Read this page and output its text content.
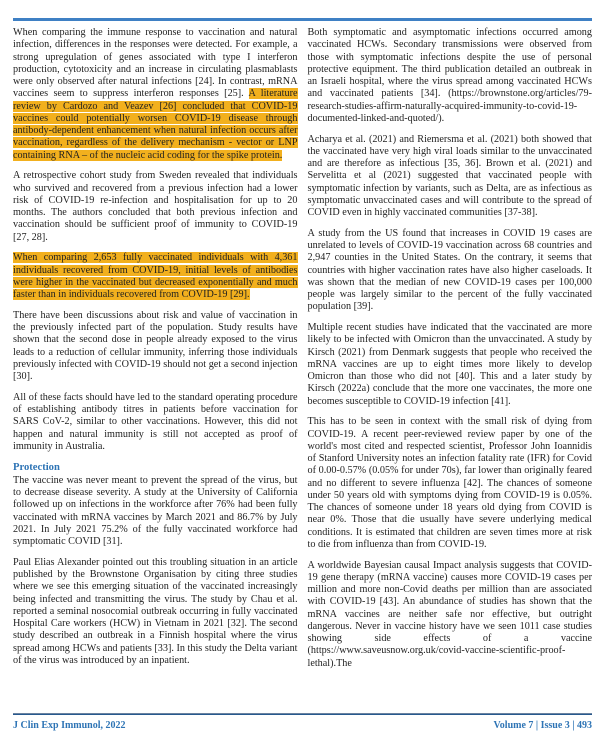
When comparing the immune response to vaccination and natural infection, differences in the responses were detected. For example, a strong upregulation of genes associated with type I interferon production, cytotoxicity and an increase in circulating plasmablasts were only observed after natural infections [24]. In contrast, mRNA vaccines seem to suppress interferon responses [25]. A literature review by Cardozo and Veazev [26] concluded that COVID-19 vaccines could potentially worsen COVID-19 disease through antibody-dependent enhancement when natural infection occurs after vaccination, regardless of the delivery mechanism - vector or LNP containing RNA – of the nucleic acid coding for the spike protein.

A retrospective cohort study from Sweden revealed that individuals who survived and recovered from a previous infection had a lower risk of COVID-19 re-infection and hospitalisation for up to 20 months. The authors concluded that both previous infection and vaccination should be sufficient proof of immunity to COVID-19 [27, 28].

When comparing 2,653 fully vaccinated individuals with 4,361 individuals recovered from COVID-19, initial levels of antibodies were higher in the vaccinated but decreased exponentially and much faster than in individuals recovered from COVID-19 [29].

There have been discussions about risk and value of vaccination in the previously infected part of the population. Study results have shown that the second dose in people already exposed to the virus leads to a reduction of cellular immunity, inferring those individuals previously infected with COVID-19 should not get a second injection [30].

All of these facts should have led to the standard operating procedure of establishing antibody titres in patients before vaccination for SARS CoV-2, similar to other vaccinations. However, this did not happen and natural immunity is still not accepted as proof of immunity in Australia.

Protection

The vaccine was never meant to prevent the spread of the virus, but to decrease disease severity. A study at the University of California followed up on infections in the workforce after 76% had been fully vaccinated with mRNA vaccines by March 2021 and 86.7% by July 2021. In July 2021 75.2% of the fully vaccinated workforce had symptomatic COVID [31].

Paul Elias Alexander pointed out this troubling situation in an article published by the Brownstone Organisation by citing three studies where we see this emerging situation of the vaccinated increasingly being infected and transmitting the virus. The study by Chau et al. reported a seminal nosocomial outbreak occurring in fully vaccinated Hospital Care workers (HCW) in Vietnam in 2021 [32]. The second study described an outbreak in a Finnish hospital where the virus spread among HCWs and patients [33]. In this study the Delta variant of the virus was introduced by an inpatient.

Both symptomatic and asymptomatic infections occurred among vaccinated HCWs. Secondary transmissions were observed from those with symptomatic infections despite the use of personal protective equipment. The third publication detailed an outbreak in an Israeli hospital, where the virus spread among vaccinated HCWs and vaccinated patients [34]. (https://brownstone.org/articles/79-research-studies-affirm-naturally-acquired-immunity-to-covid-19-documented-linked-and-quoted/).

Acharya et al. (2021) and Riemersma et al. (2021) both showed that the vaccinated have very high viral loads similar to the unvaccinated and are therefore as infectious [35, 36]. Brown et al. (2021) and Servelitta et al (2021) suggested that vaccinated people with symptomatic infection by variants, such as Delta, are as infectious as symptomatic unvaccinated cases and will contribute to the spread of COVID even in highly vaccinated communities [37-38].

A study from the US found that increases in COVID 19 cases are unrelated to levels of COVID-19 vaccination across 68 countries and 2,947 counties in the United States. On the contrary, it seems that countries with higher vaccination rates have also higher caseloads. It was shown that the median of new COVID-19 cases per 100,000 people was largely similar to the percent of the fully vaccinated population [39].

Multiple recent studies have indicated that the vaccinated are more likely to be infected with Omicron than the unvaccinated. A study by Kirsch (2021) from Denmark suggests that people who received the mRNA vaccines are up to eight times more likely to develop Omicron than those who did not [40]. This and a later study by Kirsch (2022a) conclude that the more one vaccinates, the more one becomes susceptible to COVID-19 infection [41].

This has to be seen in context with the small risk of dying from COVID-19. A recent peer-reviewed review paper by one of the world's most cited and respected scientist, Professor John Ioannidis of Stanford University notes an infection fatality rate (IFR) for Covid of 0.00-0.57% (0.05% for under 70s), far lower than originally feared and no different to severe influenza [42]. The chances of someone under 50 years old with symptoms dying from COVID-19 is 0.05%. The chances of someone under 18 years old dying from COVID is near 0%. Those that die usually have severe underlying medical conditions. It is estimated that children are seven times more at risk to die from influenza than from COVID-19.

A worldwide Bayesian causal Impact analysis suggests that COVID-19 gene therapy (mRNA vaccine) causes more COVID-19 cases per million and more non-Covid deaths per million than are associated with COVID-19 [43]. An abundance of studies has shown that the mRNA vaccines are neither safe nor effective, but outright dangerous. Never in vaccine history have we seen 1011 case studies showing side effects of a vaccine (https://www.saveusnow.org.uk/covid-vaccine-scientific-proof-lethal).The

J Clin Exp Immunol, 2022	Volume 7 | Issue 3 | 493
